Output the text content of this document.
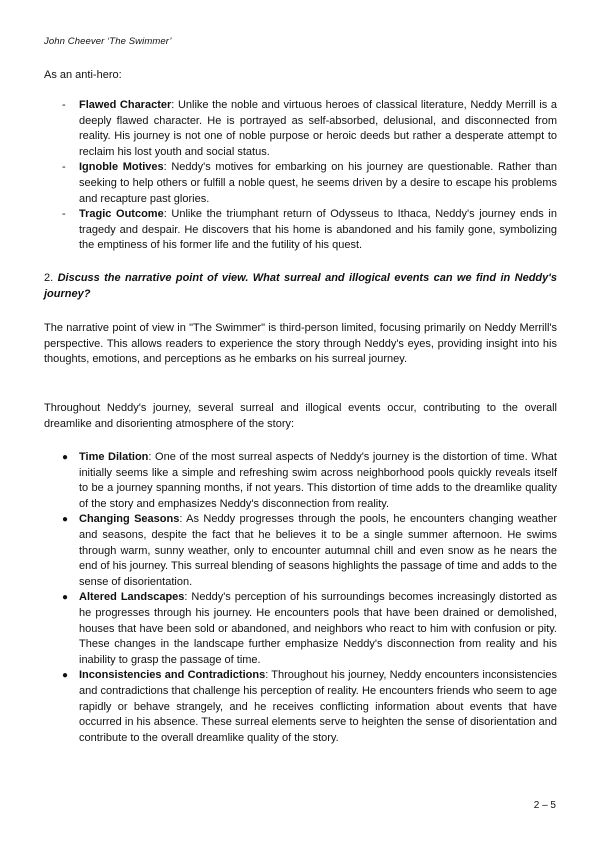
John Cheever ‘The Swimmer’

As an anti-hero:

- Flawed Character: Unlike the noble and virtuous heroes of classical literature, Neddy Merrill is a deeply flawed character. He is portrayed as self-absorbed, delusional, and disconnected from reality. His journey is not one of noble purpose or heroic deeds but rather a desperate attempt to reclaim his lost youth and social status.
- Ignoble Motives: Neddy's motives for embarking on his journey are questionable. Rather than seeking to help others or fulfill a noble quest, he seems driven by a desire to escape his problems and recapture past glories.
- Tragic Outcome: Unlike the triumphant return of Odysseus to Ithaca, Neddy's journey ends in tragedy and despair. He discovers that his home is abandoned and his family gone, symbolizing the emptiness of his former life and the futility of his quest.

2. Discuss the narrative point of view. What surreal and illogical events can we find in Neddy's journey?

The narrative point of view in "The Swimmer" is third-person limited, focusing primarily on Neddy Merrill's perspective. This allows readers to experience the story through Neddy's eyes, providing insight into his thoughts, emotions, and perceptions as he embarks on his surreal journey.

Throughout Neddy's journey, several surreal and illogical events occur, contributing to the overall dreamlike and disorienting atmosphere of the story:

● Time Dilation: One of the most surreal aspects of Neddy's journey is the distortion of time. What initially seems like a simple and refreshing swim across neighborhood pools quickly reveals itself to be a journey spanning months, if not years. This distortion of time adds to the dreamlike quality of the story and emphasizes Neddy's disconnection from reality.
● Changing Seasons: As Neddy progresses through the pools, he encounters changing weather and seasons, despite the fact that he believes it to be a single summer afternoon. He swims through warm, sunny weather, only to encounter autumnal chill and even snow as he nears the end of his journey. This surreal blending of seasons highlights the passage of time and adds to the sense of disorientation.
● Altered Landscapes: Neddy's perception of his surroundings becomes increasingly distorted as he progresses through his journey. He encounters pools that have been drained or demolished, houses that have been sold or abandoned, and neighbors who react to him with confusion or pity. These changes in the landscape further emphasize Neddy's disconnection from reality and his inability to grasp the passage of time.
● Inconsistencies and Contradictions: Throughout his journey, Neddy encounters inconsistencies and contradictions that challenge his perception of reality. He encounters friends who seem to age rapidly or behave strangely, and he receives conflicting information about events that have occurred in his absence. These surreal elements serve to heighten the sense of disorientation and contribute to the overall dreamlike quality of the story.
2 – 5
